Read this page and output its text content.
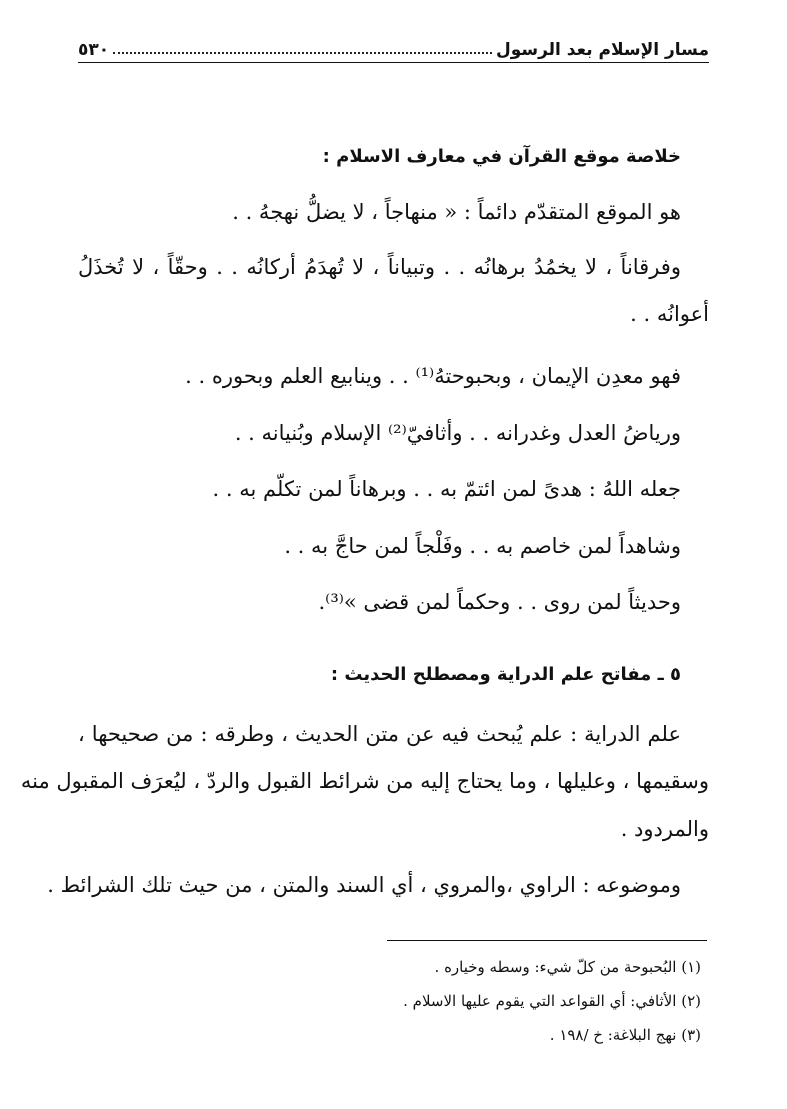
مسار الإسلام بعد الرسول
٥٣٠
خلاصة موقع القرآن في معارف الاسلام :
هو الموقع المتقدّم دائماً : « منهاجاً ، لا يضلُّ نهجهُ . .
وفرقاناً ، لا يخمُدُ برهانُه . . وتبياناً ، لا تُهدَمُ أركانُه . . وحقّاً ، لا تُخذَلُ
أعوانُه . .
فهو معدِن الإيمان ، وبحبوحتهُ⁽¹⁾ . . وينابيع العلم وبحوره . .
ورياضُ العدل وغدرانه . . وأثافيّ⁽²⁾ الإسلام وبُنيانه . .
جعله اللهُ : هدىً لمن ائتمّ به . . وبرهاناً لمن تكلّم به . .
وشاهداً لمن خاصم به . . وفَلْجاً لمن حاجَّ به . .
وحديثاً لمن روى . . وحكماً لمن قضى »⁽³⁾.
٥ ـ مفاتح علم الدراية ومصطلح الحديث :
علم الدراية : علم يُبحث فيه عن متن الحديث ، وطرقه : من صحيحها ،
وسقيمها ، وعليلها ، وما يحتاج إليه من شرائط القبول والردّ ، ليُعرَف المقبول منه
والمردود .
وموضوعه : الراوي ،والمروي ، أي السند والمتن ، من حيث تلك الشرائط .
(١) البُحبوحة من كلّ شيء: وسطه وخياره .
(٢) الأثافي: أي القواعد التي يقوم عليها الاسلام .
(٣) نهج البلاغة: خ /١٩٨ .
